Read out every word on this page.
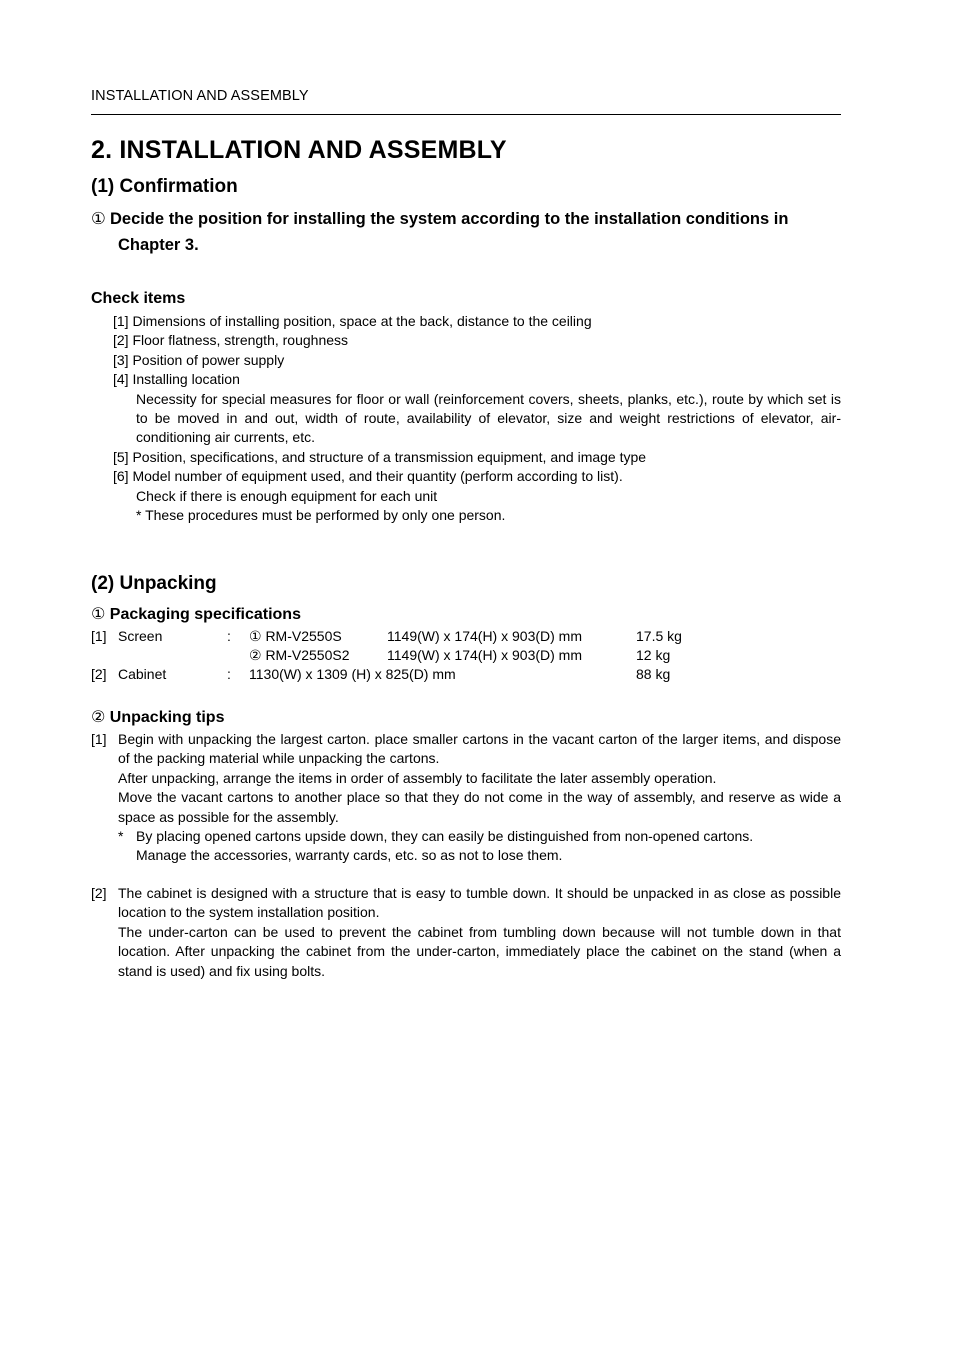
INSTALLATION AND ASSEMBLY
2. INSTALLATION AND ASSEMBLY
(1) Confirmation
① Decide the position for installing the system according to the installation conditions in
Chapter 3.
Check items
[1] Dimensions of installing position, space at the back, distance to the ceiling
[2] Floor flatness, strength, roughness
[3] Position of power supply
[4] Installing location
Necessity for special measures for floor or wall (reinforcement covers, sheets, planks, etc.), route by which set is to be moved in and out, width of route, availability of elevator, size and weight restrictions of elevator, air-conditioning air currents, etc.
[5] Position, specifications, and structure of a transmission equipment, and image type
[6] Model number of equipment used, and their quantity (perform according to list).
Check if there is enough equipment for each unit
* These procedures must be performed by only one person.
(2) Unpacking
① Packaging specifications
[1] Screen	: ① RM-V2550S	1149(W) x 174(H) x 903(D) mm	17.5 kg
② RM-V2550S2	1149(W) x 174(H) x 903(D) mm	12 kg
[2] Cabinet	: 1130(W) x 1309 (H) x 825(D) mm	88 kg
② Unpacking tips
[1] Begin with unpacking the largest carton. place smaller cartons in the vacant carton of the larger items, and dispose of the packing material while unpacking the cartons.
After unpacking, arrange the items in order of assembly to facilitate the later assembly operation.
Move the vacant cartons to another place so that they do not come in the way of assembly, and reserve as wide a space as possible for the assembly.
* By placing opened cartons upside down, they can easily be distinguished from non-opened cartons.
Manage the accessories, warranty cards, etc. so as not to lose them.
[2] The cabinet is designed with a structure that is easy to tumble down. It should be unpacked in as close as possible location to the system installation position.
The under-carton can be used to prevent the cabinet from tumbling down because will not tumble down in that location. After unpacking the cabinet from the under-carton, immediately place the cabinet on the stand (when a stand is used) and fix using bolts.
